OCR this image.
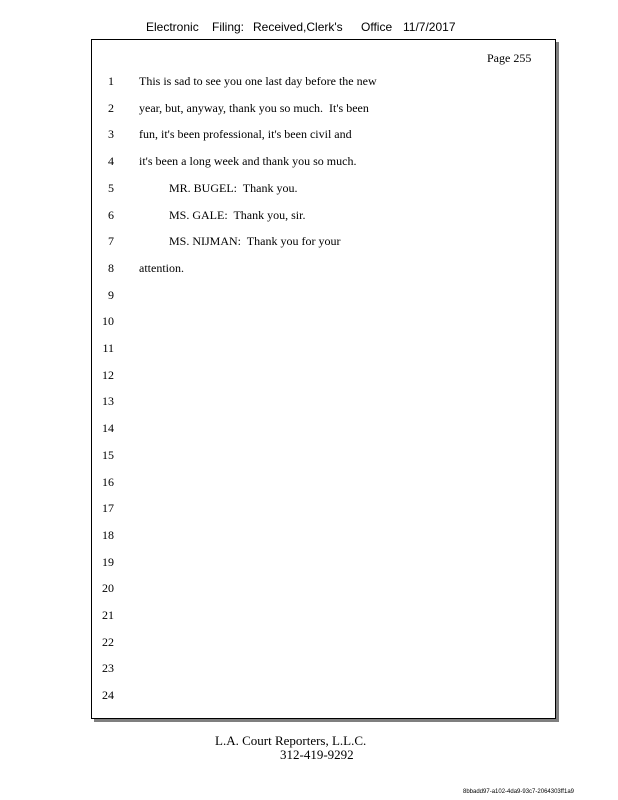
Electronic Filing: Received,Clerk's Office 11/7/2017
Page 255
1 This is sad to see you one last day before the new
2 year, but, anyway, thank you so much.  It's been
3 fun, it's been professional, it's been civil and
4 it's been a long week and thank you so much.
5 MR. BUGEL:  Thank you.
6 MS. GALE:  Thank you, sir.
7 MS. NIJMAN:  Thank you for your
8 attention.
9
10
11
12
13
14
15
16
17
18
19
20
21
22
23
24
L.A. Court Reporters, L.L.C.
312-419-9292
8bbadd97-a102-4da9-93c7-2064303ff1a9
